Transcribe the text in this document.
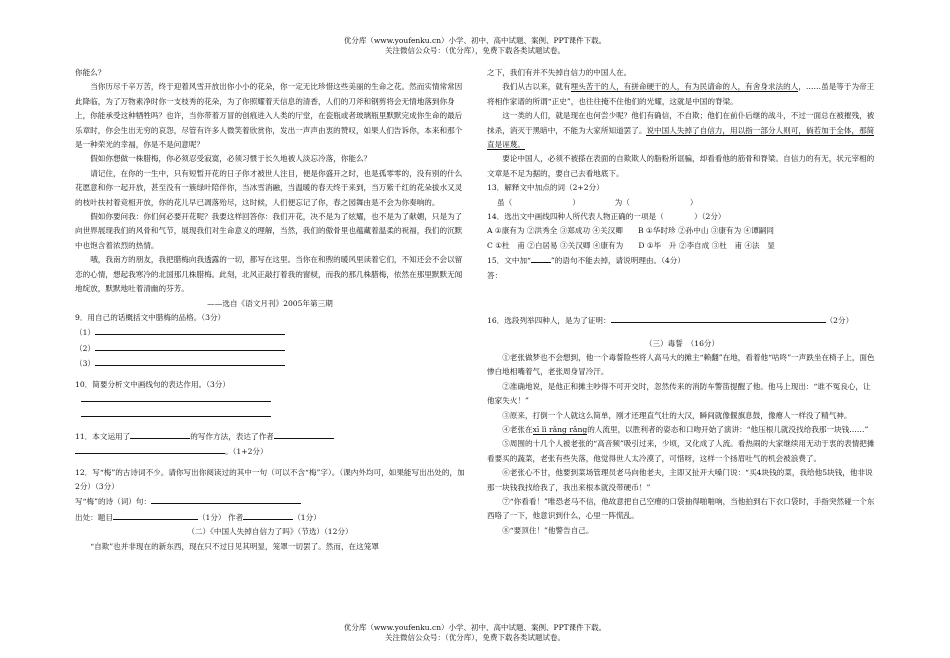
优分库（www.youfenku.cn）小学、初中、高中试题、案例、PPT课件下载。
关注微信公众号：（优分库），免费下载各类试题试卷。

你能么？

当你历尽千辛万苦，终于迎着风雪开放出你小小的花朵，你一定无比珍惜这些美丽的生命之花。然而实情常常因此降临，为了万物素净时你一支枝秀的花朵，为了你照耀着天信息的清香，人们的刀斧和钢剪将会无情地落到你身上，你能承受这种牺牲吗？也许，当你带着万冒的创痕进入人类的厅堂，在瓷瓶或者玻璃瓶里默默完成你生命的最后乐章时，你会生出无穷的哀怨，尽管有许多人微笑着欣赏你，发出一声声由衷的赞叹，如果人们告诉你，本来和那个是一种荣光的幸福，你是不是问意呢？

假如你想做一株腊梅，你必须忍受寂寞，必须习惯于长久地被人淡忘冷落，你能么？

请记住，在你的一生中，只有短暂开花的日子你才被世人注目，便是你盛开之时，也是孤零零的，没有别的什么花愿意和你一起开放，甚至没有一簇绿叶陪伴你，当冰雪消融，当温暖的春天终于来到，当万紫千红的花朵拔水又灵的枝叶扶衬着竞相开放，你的花儿早已凋落殆尽，这时候，人们便忘记了你，春之园舞由是不会为你奏响的。

假如你要问我：你们何必要开花呢？我要这样回答你：我们开花，决不是为了炫耀，也不是为了献媚，只是为了向世界展现我们的风骨和气节，展现我们对生命意义的理解，当然，我们的傲骨里也蕴藏着温柔的祝福，我们的沉默中也饱含着浓烈的热情。

哦，我南方的朋友，我把腊梅向我透露的一切，都写在这里。当你在和煦的暖风里读着它们，不知还会不会以留恋的心情，想起我寒冷的北国那几株腊梅。此刻，北风正敲打着我的窗棂，而我的那几株腊梅，依然在那里默默无闻地绽放，默默地吐着清幽的芬芳。

——选自《语文月刊》2005年第三期

9．用自己的话概括文中腊梅的品格。（3分）

（1）

（2）

（3）

10．简要分析文中画线句的表达作用。（3分）

11．本文运用了	的写作方法，表达了作者

。（1+2分）

12．写“梅”的古诗词不少。请你写出你阅读过的其中一句（可以不含“梅”字）。（课内外均可，如果能写出出处的，加2分）（3分）

写“梅”的诗（词）句：

出处：题目	（1分） 作者	（1分）

（二）《中国人失掉自信力了吗》（节选）（12分）

“自欺”也并非现在的新东西，现在只不过日见其明显，笼罩一切罢了。然而，在这笼罩

之下，我们有并不失掉自信力的中国人在。

我们从古以来，就有埋头苦干的人，有拼命硬干的人，有为民请命的人，有舍身求法的人，……虽是等于为帝王将相作家谱的所谓“正史”，也往往掩不住他们的光耀，这就是中国的脊梁。

这一类的人们，就是现在也何尝少呢？他们有确信，不自欺；他们在前仆后继的战斗，不过一面总在被摧残，被抹杀，消灭于黑暗中，不能为大家所知道罢了。说中国人失掉了自信力，用以指一部分人则可，倘若加于全体，那简直是诬蔑。

要论中国人，必须不被搽在表面的自欺欺人的脂粉所诓骗，却看看他的筋骨和脊梁。自信力的有无，状元宰相的文章是不足为据的，要自己去看地底下。

13．解释文中加点的词（2+2分）

虽（	）	为（	）

14．选出文中画线四种人所代表人物正确的一项是（　　　　）（2分）

A ①康有为 ②洪秀全 ③郑成功 ④关汉卿　　B ①华时珍 ②孙中山 ③康有为 ④谭嗣同

C ①杜　甫 ②白居易 ③关汉卿 ④康有为　　D ①毕　升 ②李自成 ③杜　甫 ④法　显

15．文中加“	”的语句不能去掉，请说明理由。（4分）

答：

16．选段列举四种人，是为了证明：	（2分）

（三）毒誓　（16分）

①老张做梦也不会想到，他一个毒誓险些将人高马大的摊主“赖翻”在地，看着他“咕咚”一声跌坐在椅子上，面色惨白地相嘴着气，老张周身冒冷汗。

②准确地说，是他正和摊主吵得不可开交时，忽然传来的消防车警笛提醒了他。他马上现出：“谁不冤良心，让他家失火！”

③原来，打倒一个人就这么简单，刚才还理直气壮的大汉，瞬间就像偃旗息鼓，像瘪人一样没了精气神。

④老张在xī lì rǎng rǎng的人流里，以胜利者的姿态和口吻开始了演讲：“他压根儿就没找给我那一块钱……”

⑤周围的十几个人被老张的“高音频”吸引过来，少顷，又化成了人流。看热闹的大家继续用无动于衷的表情把摊看要买的蔬菜，老张有些失落，他觉得世人太冷漠了，可惜呀，这样一个扬眉吐气的机会被浪费了。

⑥老张心不甘，他要到菜场管理员老马向他老夫，主即又扯开大嗓门说：“买4块钱的菜，我给他5块钱，他非说那一块钱我找给我了，我出来根本就没带硬币！”

⑦“你看看！”唯恐老马不信，他故意把自己空瘪的口袋抽得啪啪响，当他拍到右下衣口袋时，手指突然碰一个东西咯了一下，他意识到什么，心里一阵慌乱。

⑧“要顶住！”他警告自己。

优分库（www.youfenku.cn）小学、初中、高中试题、案例、PPT课件下载。
关注微信公众号：（优分库），免费下载各类试题试卷。
